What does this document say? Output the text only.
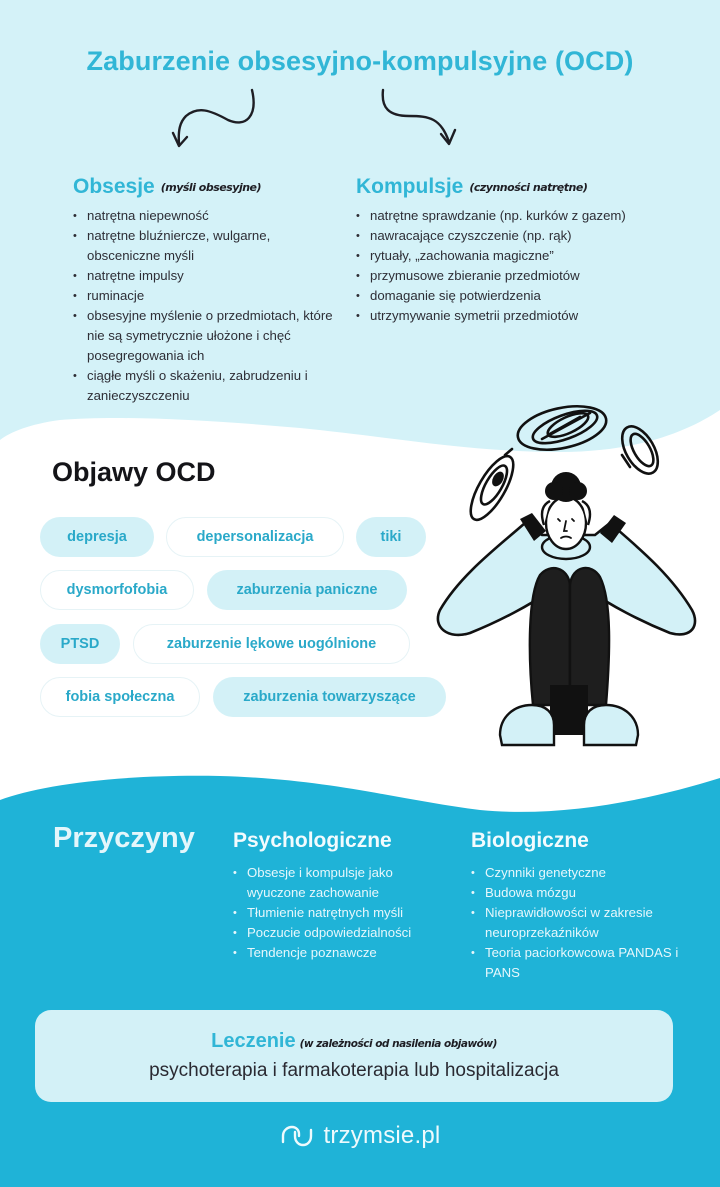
Zaburzenie obsesyjno-kompulsyjne (OCD)
Obsesje (myśli obsesyjne)
• natrętna niepewność
• natrętne bluźniercze, wulgarne, obsceniczne myśli
• natrętne impulsy
• ruminacje
• obsesyjne myślenie o przedmiotach, które nie są symetrycznie ułożone i chęć posegregowania ich
• ciągłe myśli o skażeniu, zabrudzeniu i zanieczyszczeniu
Kompulsje (czynności natrętne)
• natrętne sprawdzanie (np. kurków z gazem)
• nawracające czyszczenie (np. rąk)
• rytuały, „zachowania magiczne”
• przymusowe zbieranie przedmiotów
• domaganie się potwierdzenia
• utrzymywanie symetrii przedmiotów
Objawy OCD
depresja	depersonalizacja	tiki
dysmorfofobia	zaburzenia paniczne
PTSD	zaburzenie lękowe uogólnione
fobia społeczna	zaburzenia towarzyszące
Przyczyny Psychologiczne
• Obsesje i kompulsje jako wyuczone zachowanie
• Tłumienie natrętnych myśli
• Poczucie odpowiedzialności
• Tendencje poznawcze
Biologiczne
• Czynniki genetyczne
• Budowa mózgu
• Nieprawidłowości w zakresie neuroprzekaźników
• Teoria paciorkowcowa PANDAS i PANS
Leczenie (w zależności od nasilenia objawów)
psychoterapia i farmakoterapia lub hospitalizacja
trzymsie.pl
